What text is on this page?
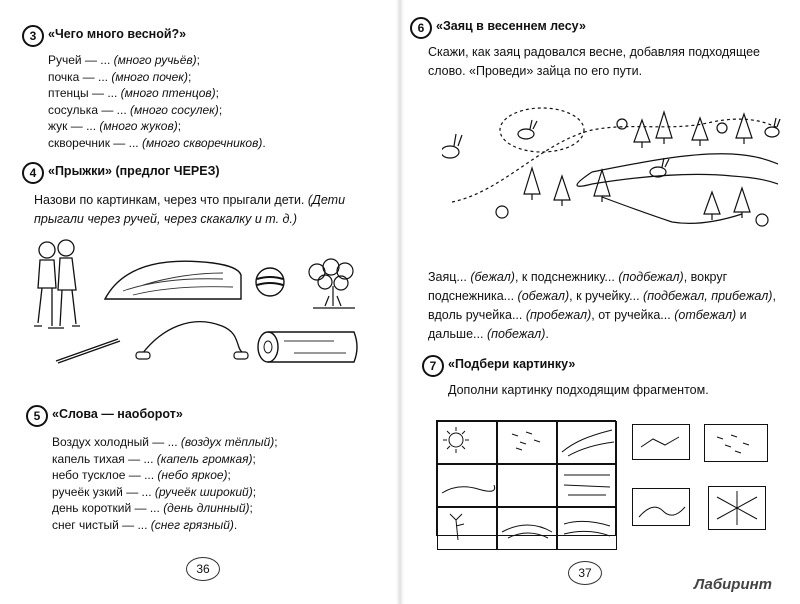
3 «Чего много весной?»
Ручей — ... (много ручьёв);
почка — ... (много почек);
птенцы — ... (много птенцов);
сосулька — ... (много сосулек);
жук — ... (много жуков);
скворечник — ... (много скворечников).
4 «Прыжки» (предлог ЧЕРЕЗ)
Назови по картинкам, через что прыгали дети. (Дети прыгали через ручей, через скакалку и т. д.)
5 «Слова — наоборот»
Воздух холодный — ... (воздух тёплый);
капель тихая — ... (капель громкая);
небо тусклое — ... (небо яркое);
ручеёк узкий — ... (ручеёк широкий);
день короткий — ... (день длинный);
снег чистый — ... (снег грязный).
36
6 «Заяц в весеннем лесу»
Скажи, как заяц радовался весне, добавляя подходящее слово. «Проведи» зайца по его пути.
Заяц... (бежал), к подснежнику... (подбежал), вокруг подснежника... (обежал), к ручейку... (подбежал, прибежал), вдоль ручейка... (пробежал), от ручейка... (отбежал) и дальше... (побежал).
7 «Подбери картинку»
Дополни картинку подходящим фрагментом.
37
Лабиринт
